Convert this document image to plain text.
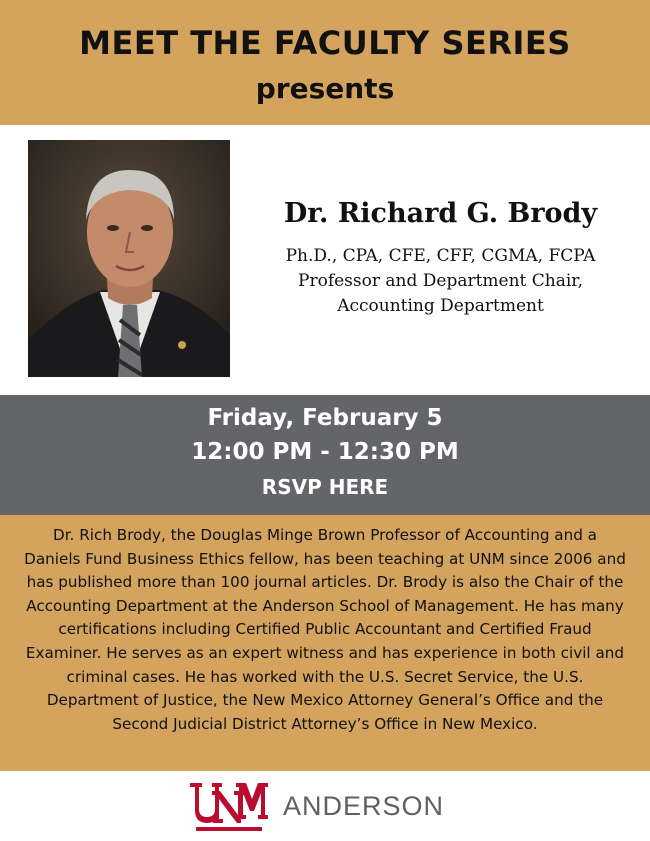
MEET THE FACULTY SERIES
presents
Dr. Richard G. Brody
Ph.D., CPA, CFE, CFF, CGMA, FCPA
Professor and Department Chair,
Accounting Department
Friday, February 5
12:00 PM - 12:30 PM
RSVP HERE

Dr. Rich Brody, the Douglas Minge Brown Professor of Accounting and a Daniels Fund Business Ethics fellow, has been teaching at UNM since 2006 and has published more than 100 journal articles. Dr. Brody is also the Chair of the Accounting Department at the Anderson School of Management. He has many certifications including Certified Public Accountant and Certified Fraud Examiner. He serves as an expert witness and has experience in both civil and criminal cases. He has worked with the U.S. Secret Service, the U.S. Department of Justice, the New Mexico Attorney General’s Office and the Second Judicial District Attorney’s Office in New Mexico.

UNM
ANDERSON
